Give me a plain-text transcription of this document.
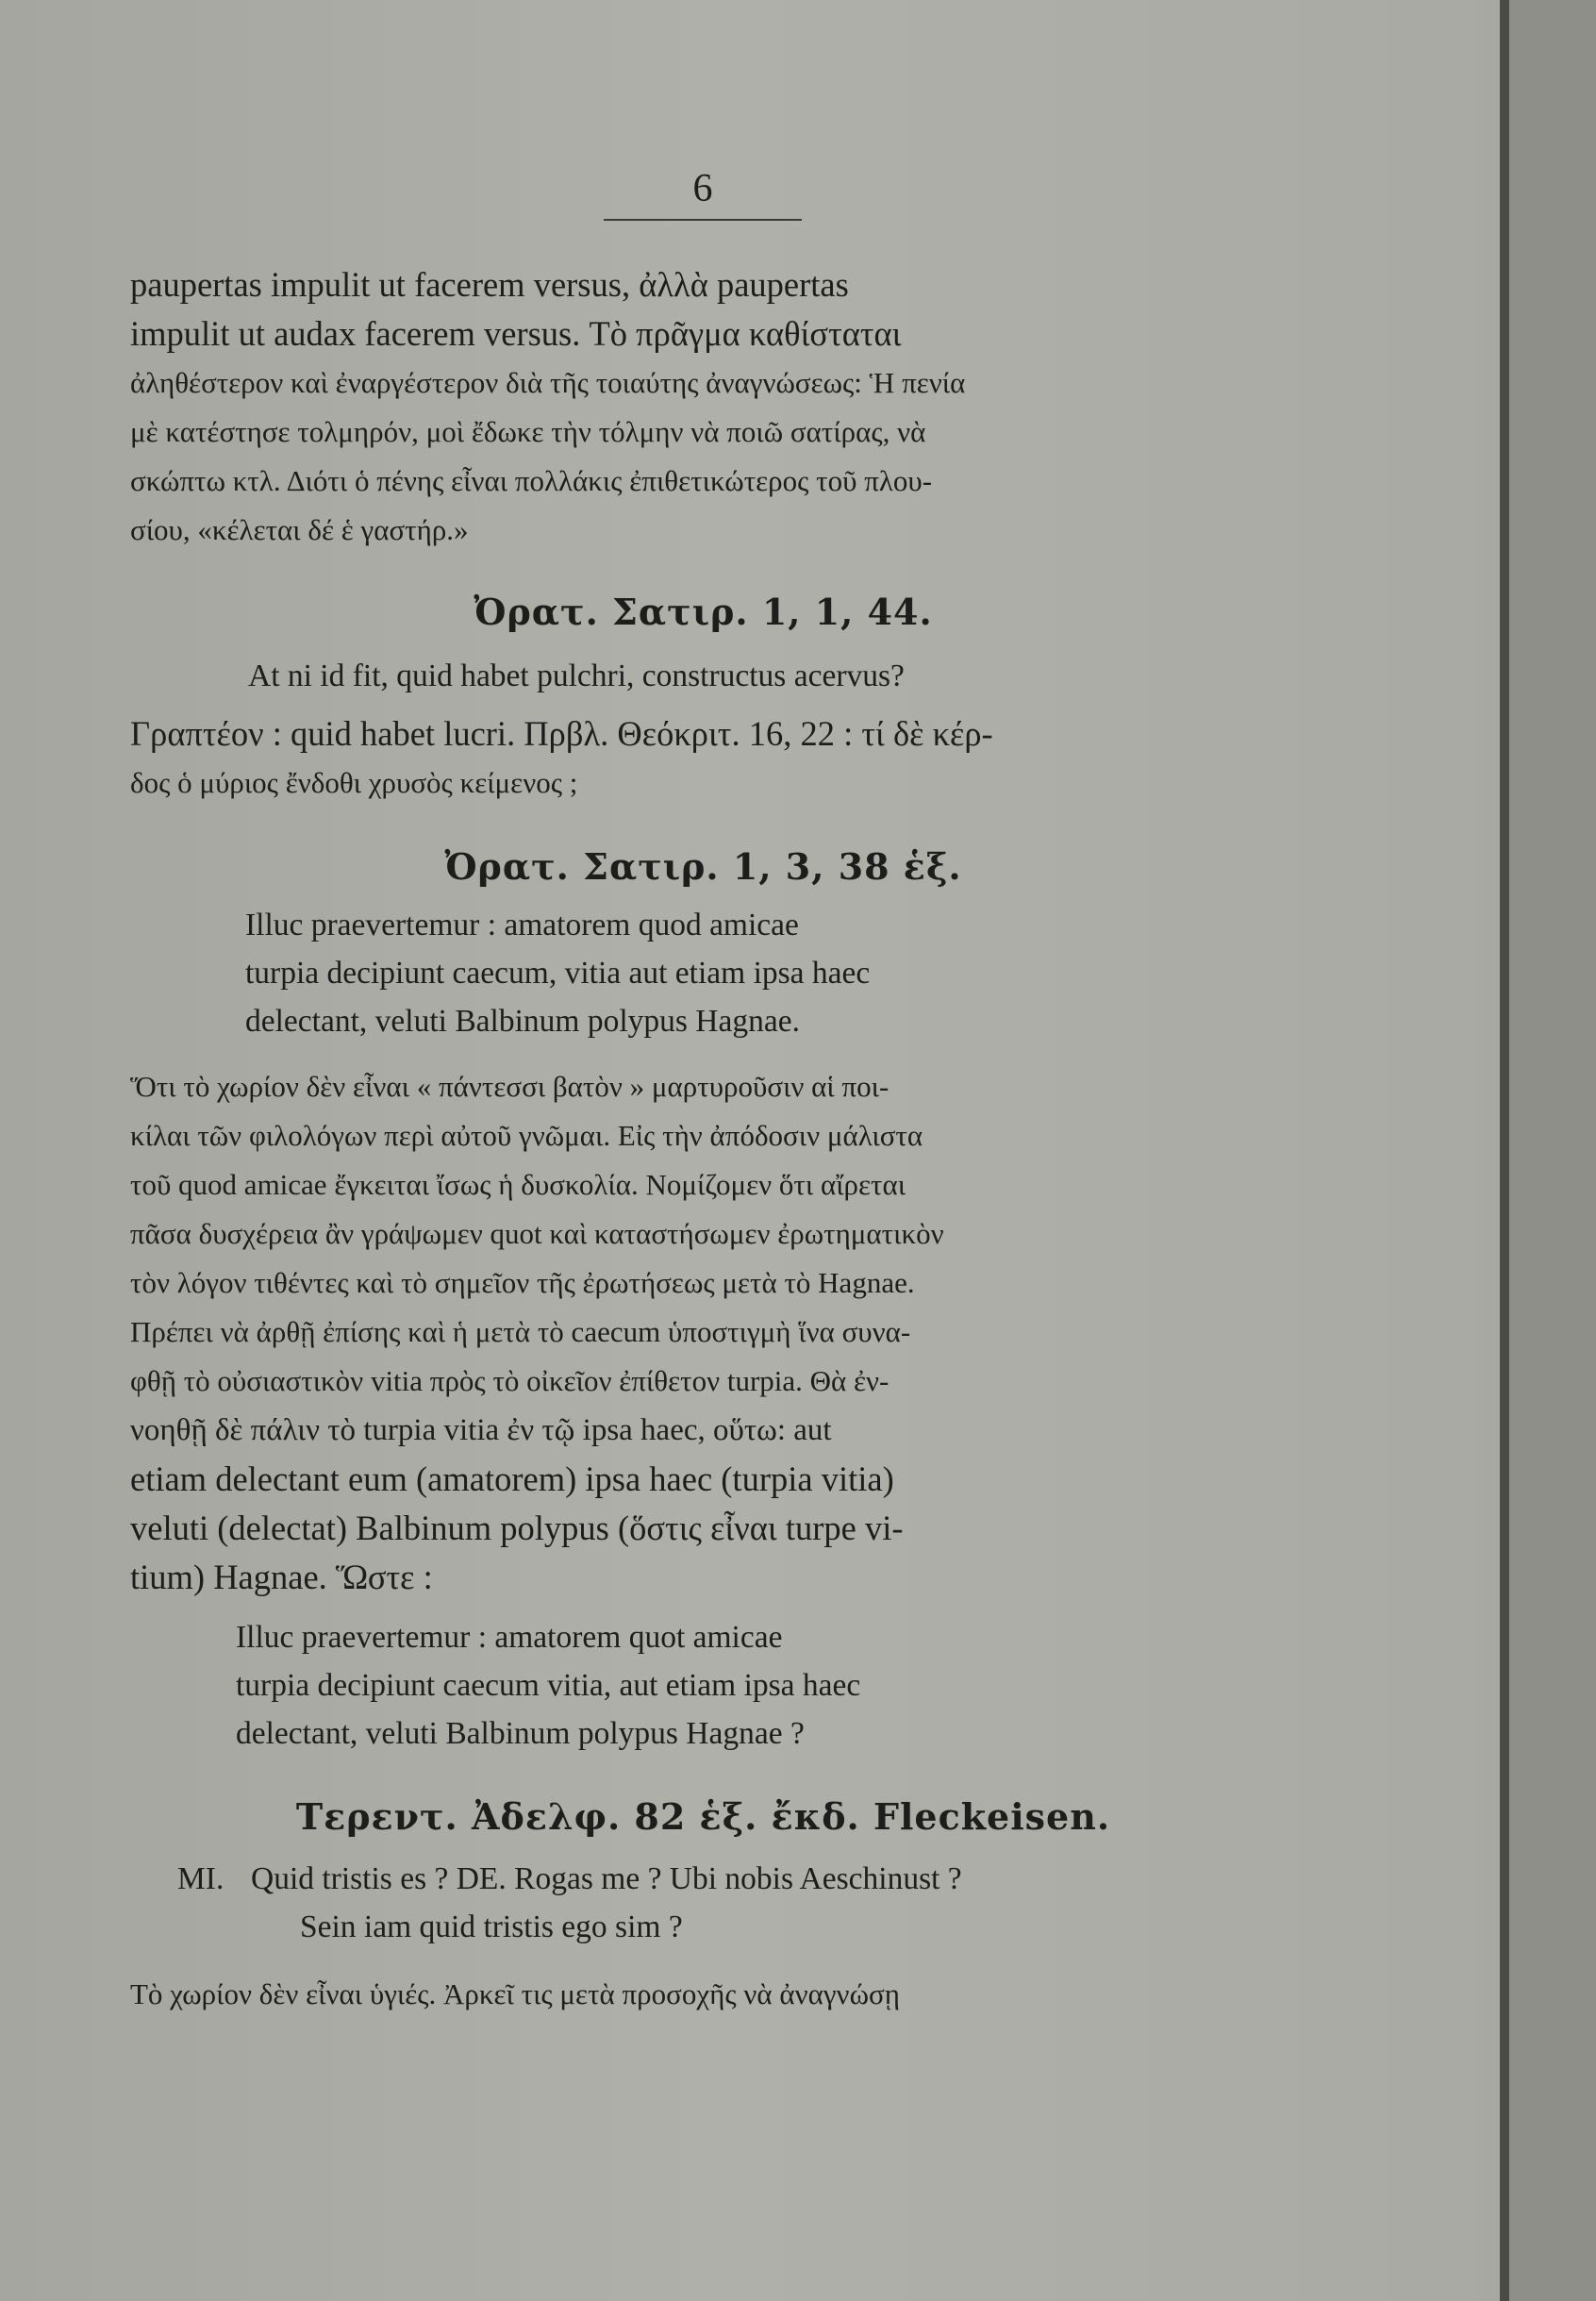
6

paupertas impulit ut facerem versus, ἀλλὰ paupertas

impulit ut audax facerem versus. Τὸ πρᾶγμα καθίσταται

ἀληθέστερον καὶ ἐναργέστερον διὰ τῆς τοιαύτης ἀναγνώσεως: Ἡ πενία

μὲ κατέστησε τολμηρόν, μοὶ ἔδωκε τὴν τόλμην νὰ ποιῶ σατίρας, νὰ

σκώπτω κτλ. Διότι ὁ πένης εἶναι πολλάκις ἐπιθετικώτερος τοῦ πλου-

σίου, «κέλεται δέ ἑ γαστήρ.»

Ὀρατ. Σατιρ. 1, 1, 44.

At ni id fit, quid habet pulchri, constructus acervus?

Γραπτέον : quid habet lucri. Πρβλ. Θεόκριτ. 16, 22 : τί δὲ κέρ-

δος ὁ μύριος ἔνδοθι χρυσὸς κείμενος ;

Ὀρατ. Σατιρ. 1, 3, 38 ἑξ.

Illuc praevertemur : amatorem quod amicae

turpia decipiunt caecum, vitia aut etiam ipsa haec

delectant, veluti Balbinum polypus Hagnae.

Ὅτι τὸ χωρίον δὲν εἶναι « πάντεσσι βατὸν » μαρτυροῦσιν αἱ ποι-

κίλαι τῶν φιλολόγων περὶ αὐτοῦ γνῶμαι. Εἰς τὴν ἀπόδοσιν μάλιστα

τοῦ quod amicae ἔγκειται ἴσως ἡ δυσκολία. Νομίζομεν ὅτι αἴρεται

πᾶσα δυσχέρεια ἂν γράψωμεν quot καὶ καταστήσωμεν ἐρωτηματικὸν

τὸν λόγον τιθέντες καὶ τὸ σημεῖον τῆς ἐρωτήσεως μετὰ τὸ Hagnae.

Πρέπει νὰ ἀρθῇ ἐπίσης καὶ ἡ μετὰ τὸ caecum ὑποστιγμὴ ἵνα συνα-

φθῇ τὸ οὐσιαστικὸν vitia πρὸς τὸ οἰκεῖον ἐπίθετον turpia. Θὰ ἐν-

νοηθῇ δὲ πάλιν τὸ turpia vitia ἐν τῷ ipsa haec, οὕτω: aut

etiam delectant eum (amatorem) ipsa haec (turpia vitia)

veluti (delectat) Balbinum polypus (ὅστις εἶναι turpe vi-

tium) Hagnae. Ὥστε :

Illuc praevertemur : amatorem quot amicae

turpia decipiunt caecum vitia, aut etiam ipsa haec

delectant, veluti Balbinum polypus Hagnae ?

Τερεντ. Ἀδελφ. 82 ἑξ. ἔκδ. Fleckeisen.

MI. Quid tristis es ? DE. Rogas me ? Ubi nobis Aeschinust ?

Sein iam quid tristis ego sim ?

Τὸ χωρίον δὲν εἶναι ὑγιές. Ἀρκεῖ τις μετὰ προσοχῆς νὰ ἀναγνώσῃ
